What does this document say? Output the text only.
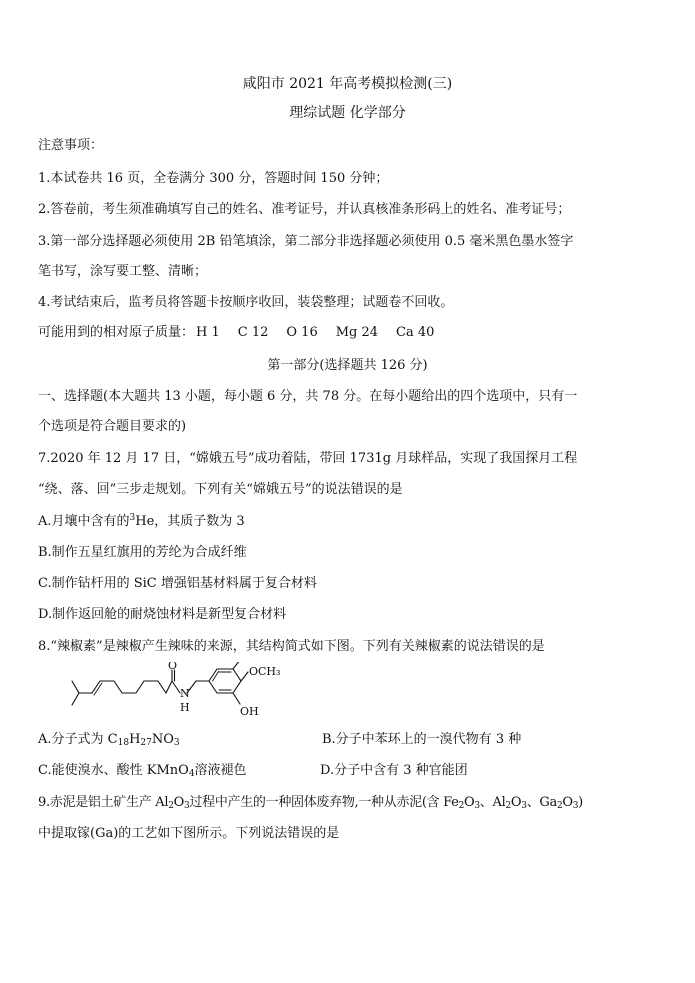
咸阳市 2021 年高考模拟检测(三)
理综试题 化学部分
注意事项：
1.本试卷共 16 页，全卷满分 300 分，答题时间 150 分钟；
2.答卷前，考生须准确填写自己的姓名、准考证号，并认真核准条形码上的姓名、准考证号；
3.第一部分选择题必须使用 2B 铅笔填涂，第二部分非选择题必须使用 0.5 毫米黑色墨水签字
笔书写，涂写要工整、清晰；
4.考试结束后，监考员将答题卡按顺序收回，装袋整理；试题卷不回收。
可能用到的相对原子质量： H 1 C 12 O 16 Mg 24 Ca 40
第一部分(选择题共 126 分)
一、选择题(本大题共 13 小题，每小题 6 分，共 78 分。在每小题给出的四个选项中，只有一
个选项是符合题目要求的)
7.2020 年 12 月 17 日，“嫦娥五号”成功着陆，带回 1731g 月球样品，实现了我国探月工程
“绕、落、回”三步走规划。下列有关“嫦娥五号”的说法错误的是
A.月壤中含有的$^3$He，其质子数为 3
B.制作五星红旗用的芳纶为合成纤维
C.制作钻杆用的 SiC 增强铝基材料属于复合材料
D.制作返回舱的耐烧蚀材料是新型复合材料
8.“辣椒素”是辣椒产生辣味的来源，其结构简式如下图。下列有关辣椒素的说法错误的是
O
N
H
OCH₃
OH
A.分子式为 $C_{18}H_{27}NO_3$	B.分子中苯环上的一溴代物有 3 种
C.能使溴水、酸性 KMnO$_4$溶液褪色	D.分子中含有 3 种官能团
9.赤泥是铝土矿生产 $Al_2O_3$过程中产生的一种固体废弃物,一种从赤泥(含 $Fe_2O_3$、$Al_2O_3$、$Ga_2O_3$)
中提取镓(Ga)的工艺如下图所示。下列说法错误的是
